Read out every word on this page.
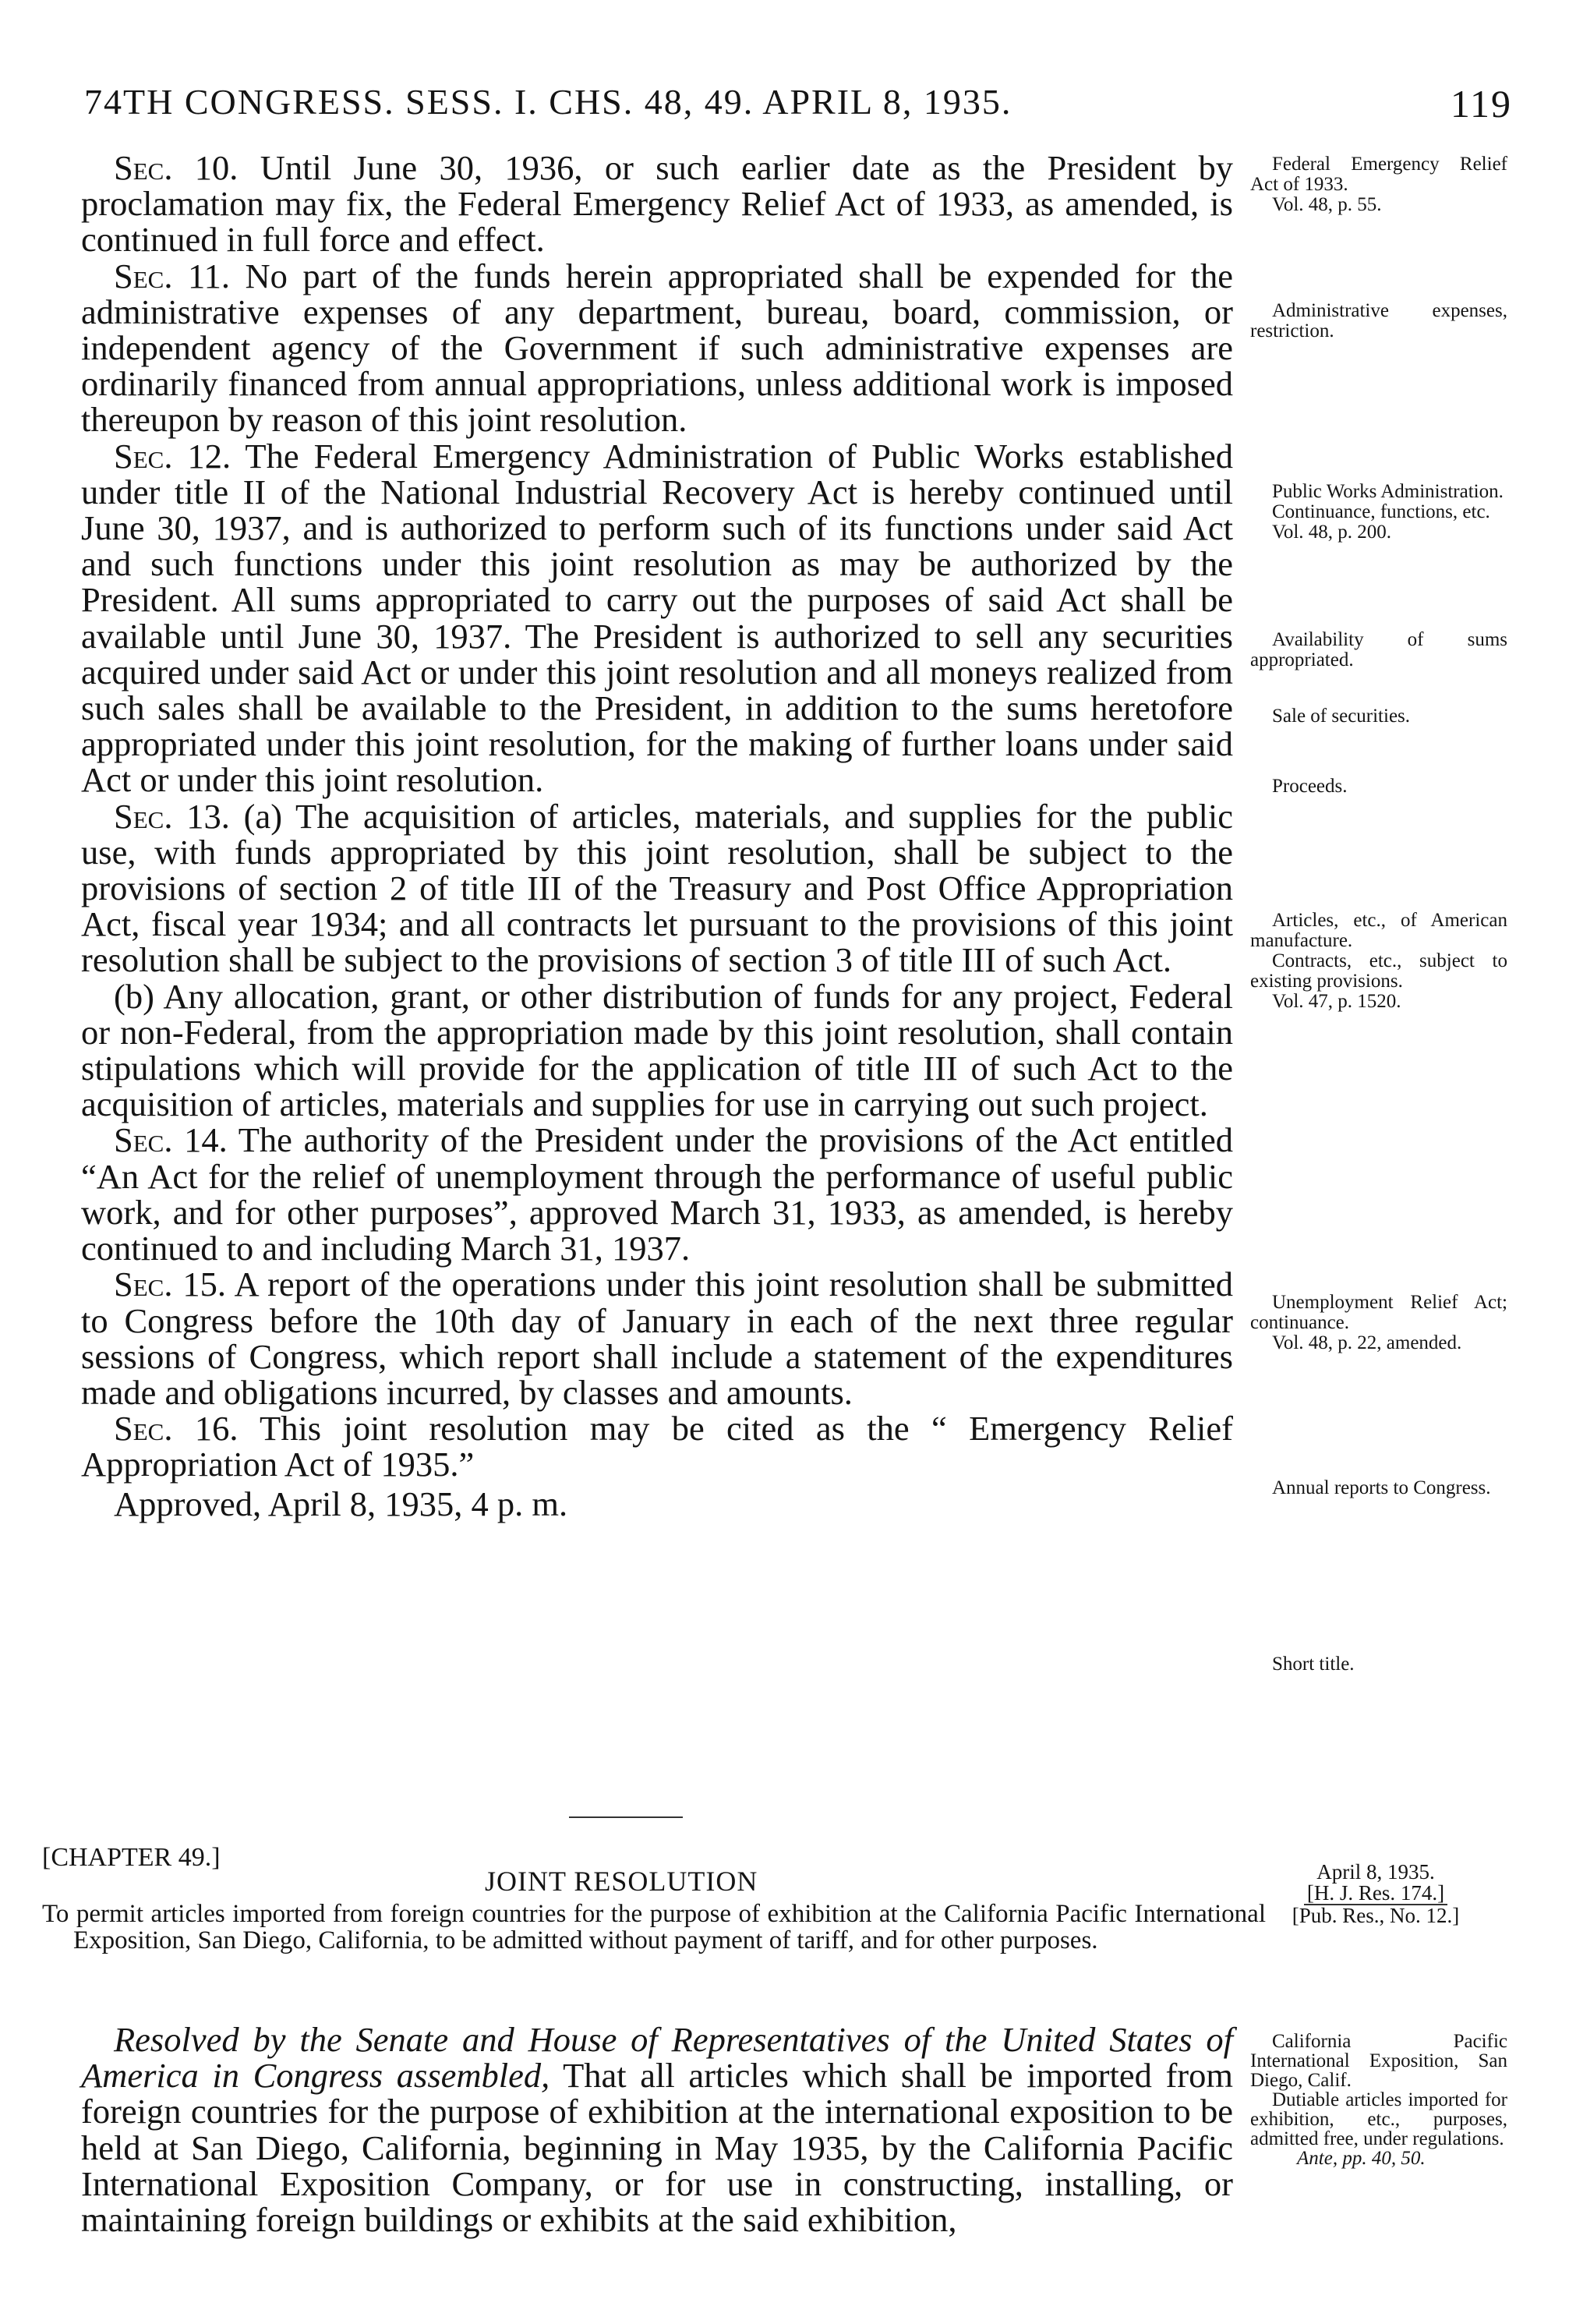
74TH CONGRESS. SESS. I. CHS. 48, 49. APRIL 8, 1935.	119

Sec. 10. Until June 30, 1936, or such earlier date as the President by proclamation may fix, the Federal Emergency Relief Act of 1933, as amended, is continued in full force and effect.

Sec. 11. No part of the funds herein appropriated shall be expended for the administrative expenses of any department, bureau, board, commission, or independent agency of the Government if such administrative expenses are ordinarily financed from annual appropriations, unless additional work is imposed thereupon by reason of this joint resolution.

Sec. 12. The Federal Emergency Administration of Public Works established under title II of the National Industrial Recovery Act is hereby continued until June 30, 1937, and is authorized to perform such of its functions under said Act and such functions under this joint resolution as may be authorized by the President. All sums appropriated to carry out the purposes of said Act shall be available until June 30, 1937. The President is authorized to sell any securities acquired under said Act or under this joint resolution and all moneys realized from such sales shall be available to the President, in addition to the sums heretofore appropriated under this joint resolution, for the making of further loans under said Act or under this joint resolution.

Sec. 13. (a) The acquisition of articles, materials, and supplies for the public use, with funds appropriated by this joint resolution, shall be subject to the provisions of section 2 of title III of the Treasury and Post Office Appropriation Act, fiscal year 1934; and all contracts let pursuant to the provisions of this joint resolution shall be subject to the provisions of section 3 of title III of such Act.

(b) Any allocation, grant, or other distribution of funds for any project, Federal or non-Federal, from the appropriation made by this joint resolution, shall contain stipulations which will provide for the application of title III of such Act to the acquisition of articles, materials and supplies for use in carrying out such project.

Sec. 14. The authority of the President under the provisions of the Act entitled “An Act for the relief of unemployment through the performance of useful public work, and for other purposes”, approved March 31, 1933, as amended, is hereby continued to and including March 31, 1937.

Sec. 15. A report of the operations under this joint resolution shall be submitted to Congress before the 10th day of January in each of the next three regular sessions of Congress, which report shall include a statement of the expenditures made and obligations incurred, by classes and amounts.

Sec. 16. This joint resolution may be cited as the “ Emergency Relief Appropriation Act of 1935.”

Approved, April 8, 1935, 4 p. m.

Federal Emergency Relief Act of 1933.
Vol. 48, p. 55.
Administrative expenses, restriction.
Public Works Administration.
Continuance, functions, etc.
Vol. 48, p. 200.
Availability of sums appropriated.
Sale of securities.
Proceeds.
Articles, etc., of American manufacture.
Contracts, etc., subject to existing provisions.
Vol. 47, p. 1520.
Unemployment Relief Act; continuance.
Vol. 48, p. 22, amended.
Annual reports to Congress.
Short title.
[CHAPTER 49.]
JOINT RESOLUTION	April 8, 1935.
[H. J. Res. 174.]
[Pub. Res., No. 12.]
To permit articles imported from foreign countries for the purpose of exhibition at the California Pacific International Exposition, San Diego, California, to be admitted without payment of tariff, and for other purposes.

Resolved by the Senate and House of Representatives of the United States of America in Congress assembled, That all articles which shall be imported from foreign countries for the purpose of exhibition at the international exposition to be held at San Diego, California, beginning in May 1935, by the California Pacific International Exposition Company, or for use in constructing, installing, or maintaining foreign buildings or exhibits at the said exhibition,

California Pacific International Exposition, San Diego, Calif.
Dutiable articles imported for exhibition, etc., purposes, admitted free, under regulations.
Ante, pp. 40, 50.
